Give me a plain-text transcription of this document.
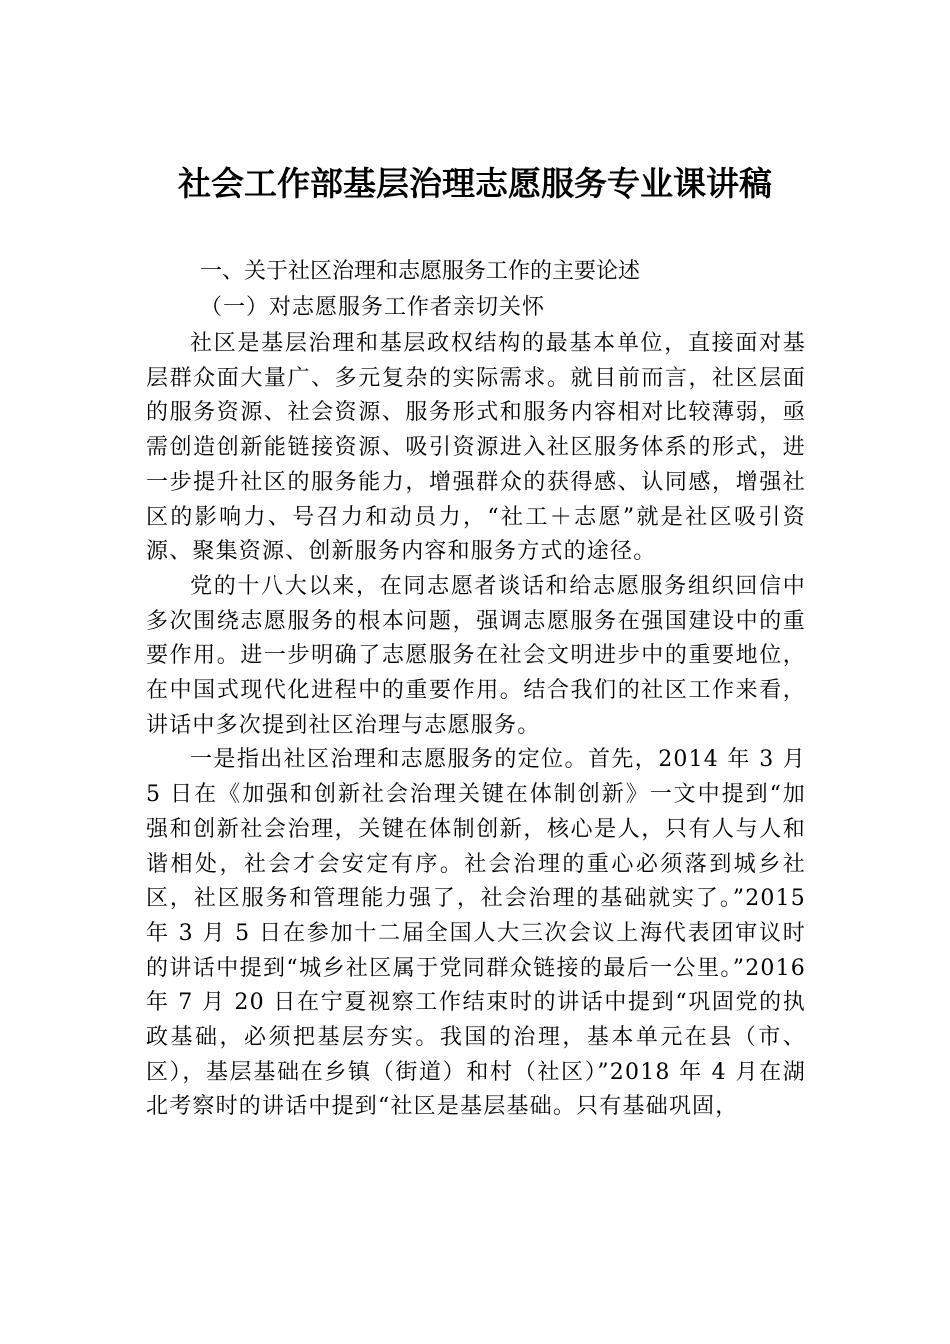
社会工作部基层治理志愿服务专业课讲稿
一、关于社区治理和志愿服务工作的主要论述
（一）对志愿服务工作者亲切关怀

社区是基层治理和基层政权结构的最基本单位，直接面对基层群众面大量广、多元复杂的实际需求。就目前而言，社区层面的服务资源、社会资源、服务形式和服务内容相对比较薄弱，亟需创造创新能链接资源、吸引资源进入社区服务体系的形式，进一步提升社区的服务能力，增强群众的获得感、认同感，增强社区的影响力、号召力和动员力，“社工＋志愿”就是社区吸引资源、聚集资源、创新服务内容和服务方式的途径。

党的十八大以来，在同志愿者谈话和给志愿服务组织回信中多次围绕志愿服务的根本问题，强调志愿服务在强国建设中的重要作用。进一步明确了志愿服务在社会文明进步中的重要地位，在中国式现代化进程中的重要作用。结合我们的社区工作来看，讲话中多次提到社区治理与志愿服务。

一是指出社区治理和志愿服务的定位。首先，2014 年 3 月 5 日在《加强和创新社会治理关键在体制创新》一文中提到“加强和创新社会治理，关键在体制创新，核心是人，只有人与人和谐相处，社会才会安定有序。社会治理的重心必须落到城乡社区，社区服务和管理能力强了，社会治理的基础就实了。”2015 年 3 月 5 日在参加十二届全国人大三次会议上海代表团审议时的讲话中提到“城乡社区属于党同群众链接的最后一公里。”2016 年 7 月 20 日在宁夏视察工作结束时的讲话中提到“巩固党的执政基础，必须把基层夯实。我国的治理，基本单元在县（市、区），基层基础在乡镇（街道）和村（社区）”2018 年 4 月在湖北考察时的讲话中提到“社区是基层基础。只有基础巩固，
